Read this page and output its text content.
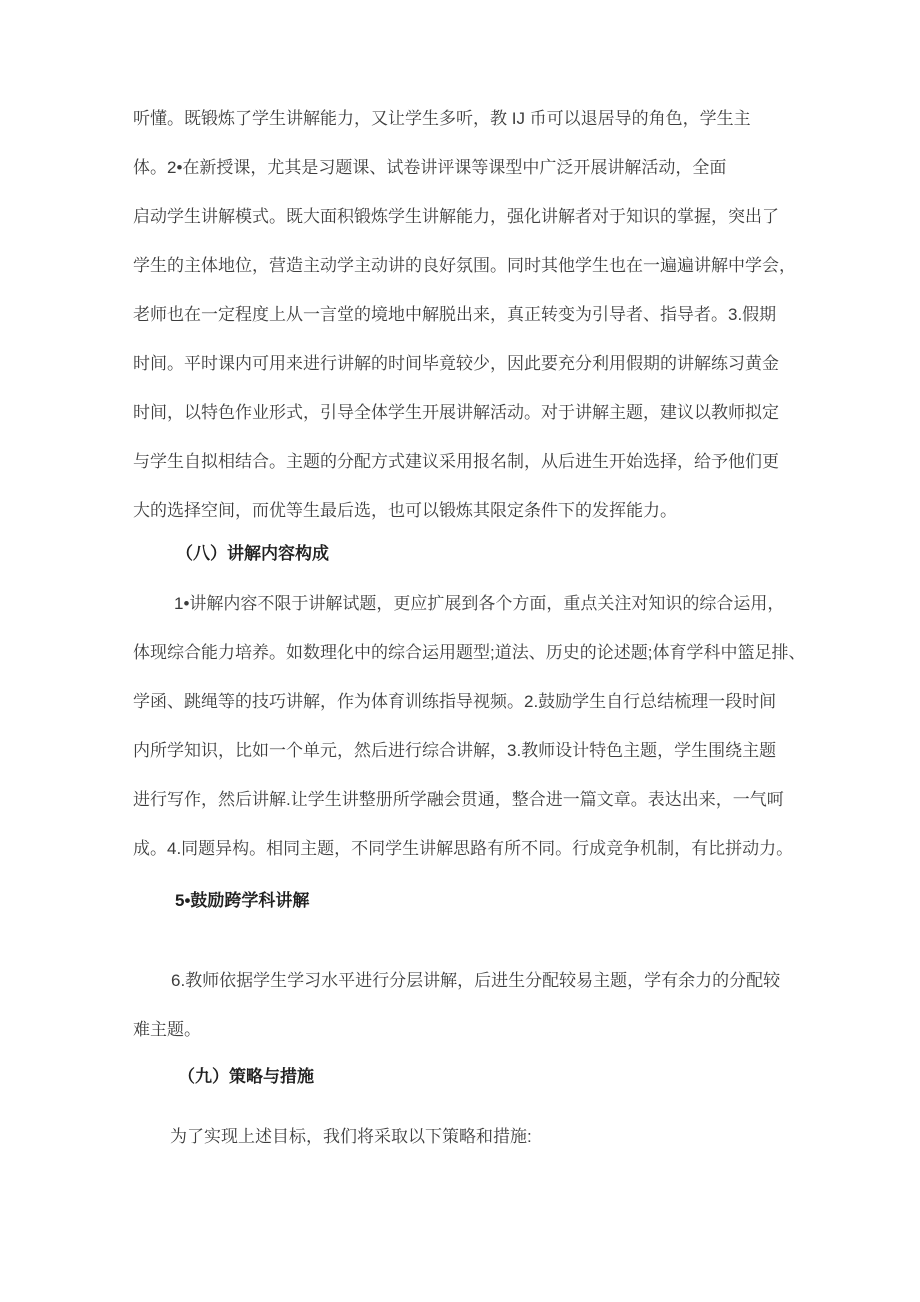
听懂。既锻炼了学生讲解能力，又让学生多听，教 IJ 币可以退居导的角色，学生主
体。2•在新授课，尤其是习题课、试卷讲评课等课型中广泛开展讲解活动，全面
启动学生讲解模式。既大面积锻炼学生讲解能力，强化讲解者对于知识的掌握，突出了
学生的主体地位，营造主动学主动讲的良好氛围。同时其他学生也在一遍遍讲解中学会，
老师也在一定程度上从一言堂的境地中解脱出来，真正转变为引导者、指导者。3.假期
时间。平时课内可用来进行讲解的时间毕竟较少，因此要充分利用假期的讲解练习黄金
时间，以特色作业形式，引导全体学生开展讲解活动。对于讲解主题，建议以教师拟定
与学生自拟相结合。主题的分配方式建议采用报名制，从后进生开始选择，给予他们更
大的选择空间，而优等生最后选，也可以锻炼其限定条件下的发挥能力。
（八）讲解内容构成
1•讲解内容不限于讲解试题，更应扩展到各个方面，重点关注对知识的综合运用，
体现综合能力培养。如数理化中的综合运用题型;道法、历史的论述题;体育学科中篮足排、
学函、跳绳等的技巧讲解，作为体育训练指导视频。2.鼓励学生自行总结梳理一段时间
内所学知识，比如一个单元，然后进行综合讲解，3.教师设计特色主题，学生围绕主题
进行写作，然后讲解.让学生讲整册所学融会贯通，整合进一篇文章。表达出来，一气呵
成。4.同题异构。相同主题，不同学生讲解思路有所不同。行成竞争机制，有比拼动力。
5•鼓励跨学科讲解
6.教师依据学生学习水平进行分层讲解，后进生分配较易主题，学有余力的分配较
难主题。
（九）策略与措施
为了实现上述目标，我们将采取以下策略和措施:
